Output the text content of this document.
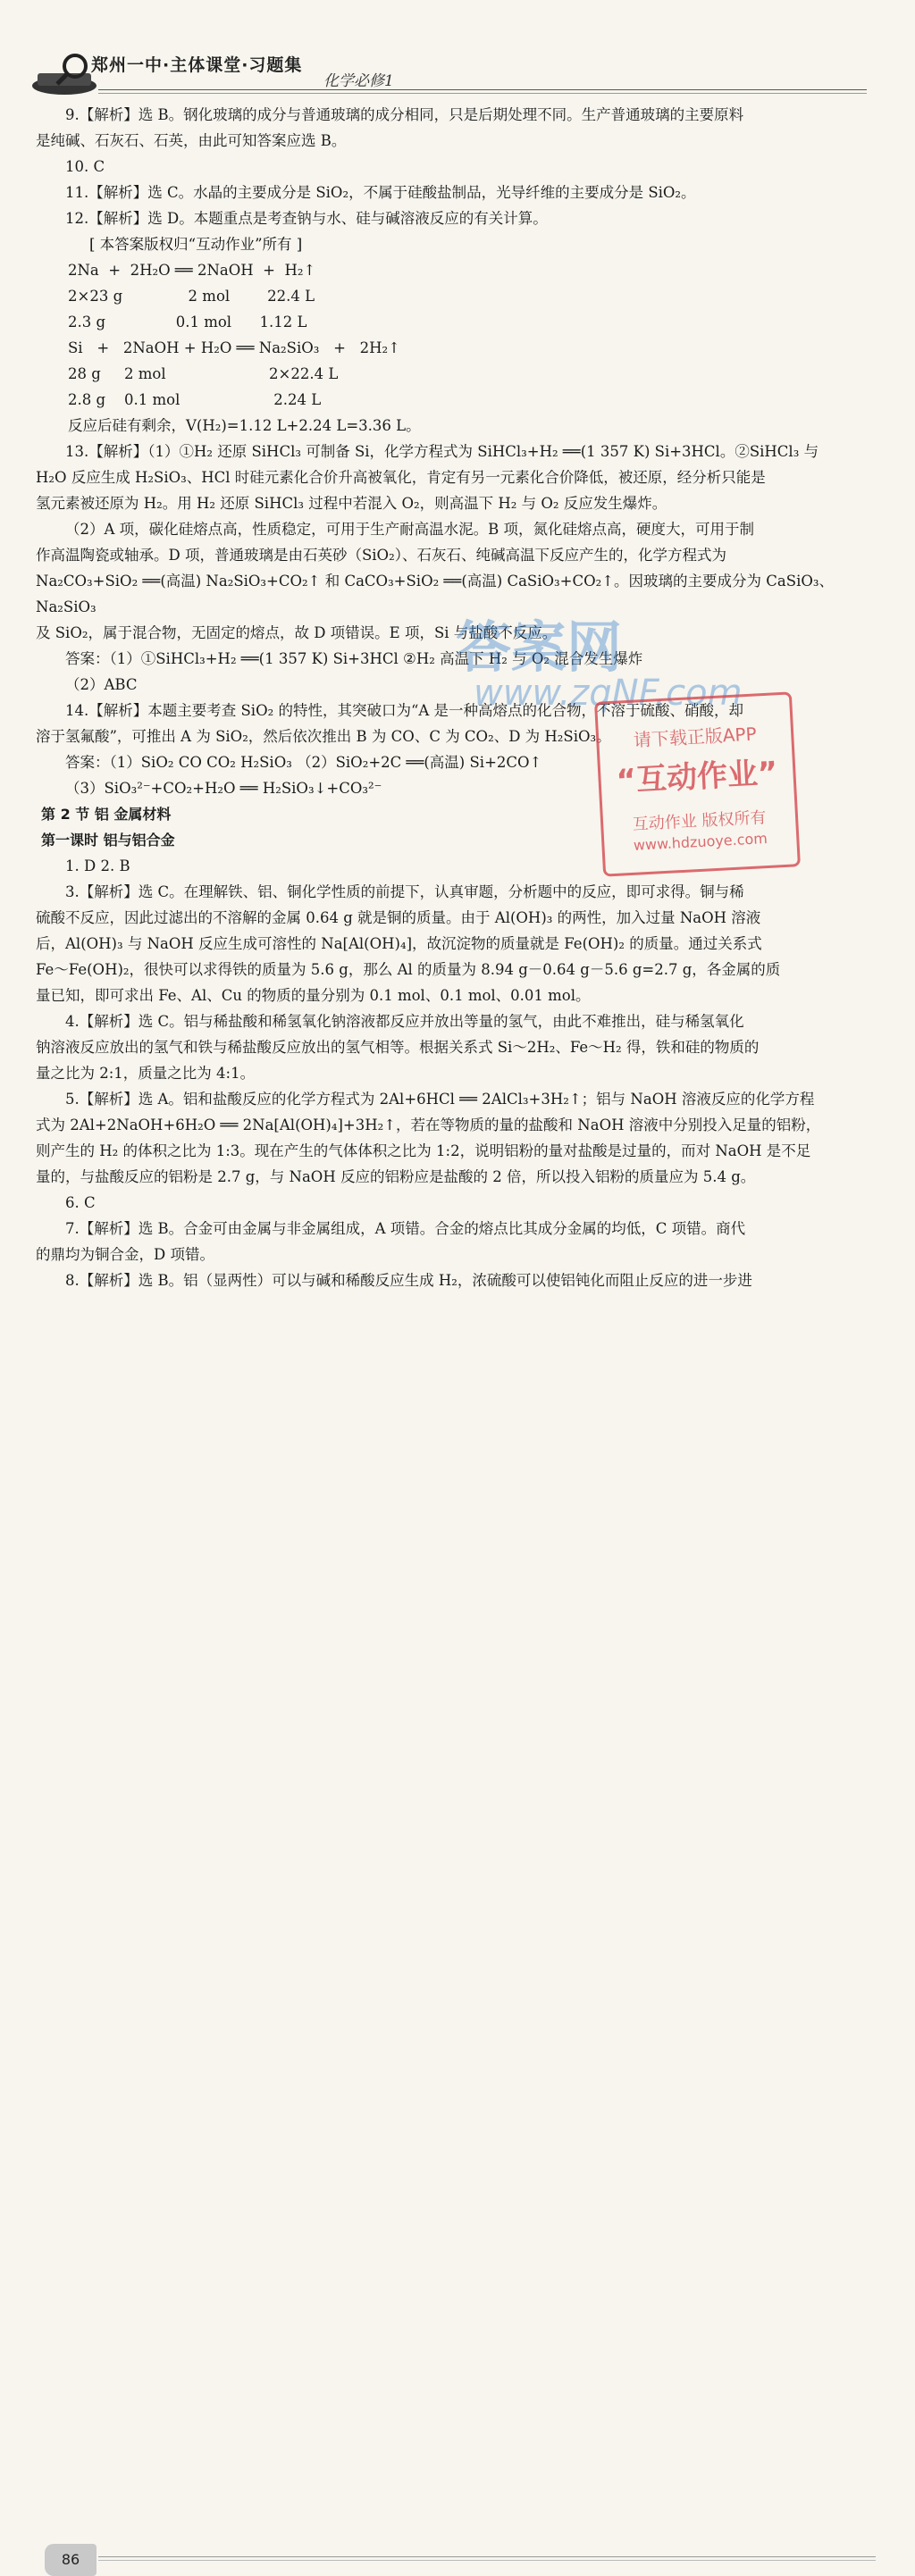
郑州一中·主体课堂·习题集
化学必修1

9.【解析】选 B。钢化玻璃的成分与普通玻璃的成分相同，只是后期处理不同。生产普通玻璃的主要原料

是纯碱、石灰石、石英，由此可知答案应选 B。

10. C

11.【解析】选 C。水晶的主要成分是 SiO₂，不属于硅酸盐制品，光导纤维的主要成分是 SiO₂。

12.【解析】选 D。本题重点是考查钠与水、硅与碱溶液反应的有关计算。

[ 本答案版权归“互动作业”所有 ]

2Na  +  2H₂O ══ 2NaOH  +  H₂↑

2×23 g              2 mol        22.4 L

2.3 g               0.1 mol      1.12 L

Si   +   2NaOH + H₂O ══ Na₂SiO₃   +   2H₂↑

28 g     2 mol                      2×22.4 L

2.8 g    0.1 mol                    2.24 L

反应后硅有剩余，V(H₂)=1.12 L+2.24 L=3.36 L。

13.【解析】（1）①H₂ 还原 SiHCl₃ 可制备 Si，化学方程式为 SiHCl₃+H₂ ══(1 357 K) Si+3HCl。②SiHCl₃ 与

H₂O 反应生成 H₂SiO₃、HCl 时硅元素化合价升高被氧化，肯定有另一元素化合价降低，被还原，经分析只能是

氢元素被还原为 H₂。用 H₂ 还原 SiHCl₃ 过程中若混入 O₂，则高温下 H₂ 与 O₂ 反应发生爆炸。

（2）A 项，碳化硅熔点高，性质稳定，可用于生产耐高温水泥。B 项，氮化硅熔点高，硬度大，可用于制

作高温陶瓷或轴承。D 项，普通玻璃是由石英砂（SiO₂）、石灰石、纯碱高温下反应产生的，化学方程式为

Na₂CO₃+SiO₂ ══(高温) Na₂SiO₃+CO₂↑ 和 CaCO₃+SiO₂ ══(高温) CaSiO₃+CO₂↑。因玻璃的主要成分为 CaSiO₃、Na₂SiO₃

及 SiO₂，属于混合物，无固定的熔点，故 D 项错误。E 项，Si 与盐酸不反应。

答案：（1）①SiHCl₃+H₂ ══(1 357 K) Si+3HCl ②H₂ 高温下 H₂ 与 O₂ 混合发生爆炸

（2）ABC

14.【解析】本题主要考查 SiO₂ 的特性，其突破口为“A 是一种高熔点的化合物，不溶于硫酸、硝酸，却

溶于氢氟酸”，可推出 A 为 SiO₂，然后依次推出 B 为 CO、C 为 CO₂、D 为 H₂SiO₃。

答案：（1）SiO₂ CO CO₂ H₂SiO₃ （2）SiO₂+2C ══(高温) Si+2CO↑

（3）SiO₃²⁻+CO₂+H₂O ══ H₂SiO₃↓+CO₃²⁻

第 2 节 铝 金属材料

第一课时 铝与铝合金

1. D 2. B

3.【解析】选 C。在理解铁、铝、铜化学性质的前提下，认真审题，分析题中的反应，即可求得。铜与稀

硫酸不反应，因此过滤出的不溶解的金属 0.64 g 就是铜的质量。由于 Al(OH)₃ 的两性，加入过量 NaOH 溶液

后，Al(OH)₃ 与 NaOH 反应生成可溶性的 Na[Al(OH)₄]，故沉淀物的质量就是 Fe(OH)₂ 的质量。通过关系式

Fe～Fe(OH)₂，很快可以求得铁的质量为 5.6 g，那么 Al 的质量为 8.94 g－0.64 g－5.6 g=2.7 g，各金属的质

量已知，即可求出 Fe、Al、Cu 的物质的量分别为 0.1 mol、0.1 mol、0.01 mol。

4.【解析】选 C。铝与稀盐酸和稀氢氧化钠溶液都反应并放出等量的氢气，由此不难推出，硅与稀氢氧化

钠溶液反应放出的氢气和铁与稀盐酸反应放出的氢气相等。根据关系式 Si～2H₂、Fe～H₂ 得，铁和硅的物质的

量之比为 2:1，质量之比为 4:1。

5.【解析】选 A。铝和盐酸反应的化学方程式为 2Al+6HCl ══ 2AlCl₃+3H₂↑；铝与 NaOH 溶液反应的化学方程

式为 2Al+2NaOH+6H₂O ══ 2Na[Al(OH)₄]+3H₂↑，若在等物质的量的盐酸和 NaOH 溶液中分别投入足量的铝粉，

则产生的 H₂ 的体积之比为 1:3。现在产生的气体体积之比为 1:2，说明铝粉的量对盐酸是过量的，而对 NaOH 是不足

量的，与盐酸反应的铝粉是 2.7 g，与 NaOH 反应的铝粉应是盐酸的 2 倍，所以投入铝粉的质量应为 5.4 g。

6. C

7.【解析】选 B。合金可由金属与非金属组成，A 项错。合金的熔点比其成分金属的均低，C 项错。商代

的鼎均为铜合金，D 项错。

8.【解析】选 B。铝（显两性）可以与碱和稀酸反应生成 H₂，浓硫酸可以使铝钝化而阻止反应的进一步进

答案网
www.zqNF.com
请下载正版APP
“互动作业”
互动作业 版权所有
www.hdzuoye.com
86
